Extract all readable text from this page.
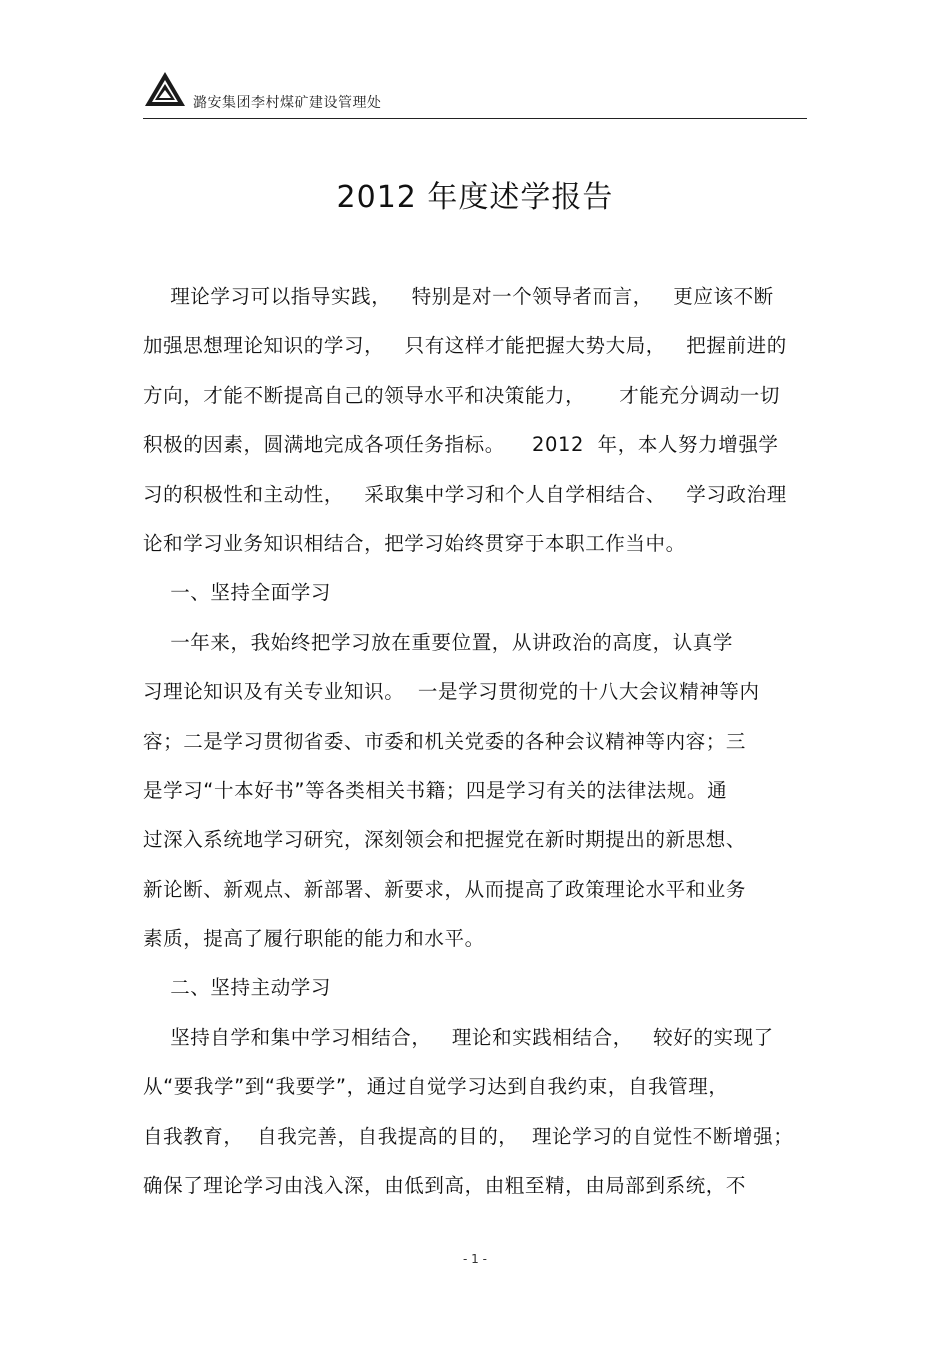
潞安集团李村煤矿建设管理处
2012 年度述学报告
理论学习可以指导实践，   特别是对一个领导者而言，   更应该不断
加强思想理论知识的学习，   只有这样才能把握大势大局，   把握前进的
方向，才能不断提高自己的领导水平和决策能力，     才能充分调动一切
积极的因素，圆满地完成各项任务指标。    2012  年，本人努力增强学
习的积极性和主动性，   采取集中学习和个人自学相结合、   学习政治理
论和学习业务知识相结合，把学习始终贯穿于本职工作当中。
一、坚持全面学习
一年来，我始终把学习放在重要位置，从讲政治的高度，认真学
习理论知识及有关专业知识。  一是学习贯彻党的十八大会议精神等内
容；二是学习贯彻省委、市委和机关党委的各种会议精神等内容；三
是学习“十本好书”等各类相关书籍；四是学习有关的法律法规。通
过深入系统地学习研究，深刻领会和把握党在新时期提出的新思想、
新论断、新观点、新部署、新要求，从而提高了政策理论水平和业务
素质，提高了履行职能的能力和水平。
二、坚持主动学习
坚持自学和集中学习相结合，   理论和实践相结合，   较好的实现了
从“要我学”到“我要学”，通过自觉学习达到自我约束，自我管理，
自我教育，  自我完善，自我提高的目的，  理论学习的自觉性不断增强；
确保了理论学习由浅入深，由低到高，由粗至精，由局部到系统，不
- 1 -
